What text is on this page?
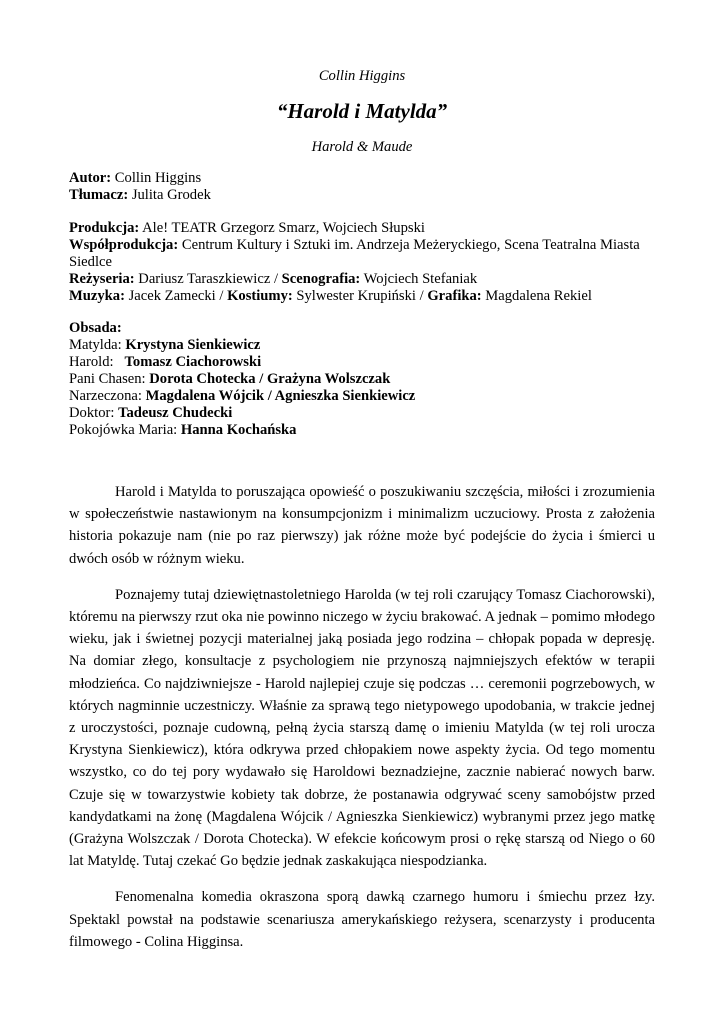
Collin Higgins
“Harold i Matylda”
Harold & Maude
Autor: Collin Higgins
Tłumacz: Julita Grodek
Produkcja: Ale! TEATR Grzegorz Smarz, Wojciech Słupski
Współprodukcja: Centrum Kultury i Sztuki im. Andrzeja Meżeryckiego, Scena Teatralna Miasta Siedlce
Reżyseria: Dariusz Taraszkiewicz / Scenografia: Wojciech Stefaniak
Muzyka: Jacek Zamecki / Kostiumy: Sylwester Krupiński / Grafika: Magdalena Rekiel
Obsada:
Matylda: Krystyna Sienkiewicz
Harold:   Tomasz Ciachorowski
Pani Chasen: Dorota Chotecka / Grażyna Wolszczak
Narzeczona: Magdalena Wójcik / Agnieszka Sienkiewicz
Doktor: Tadeusz Chudecki
Pokojówka Maria: Hanna Kochańska

Harold i Matylda to poruszająca opowieść o poszukiwaniu szczęścia, miłości i zrozumienia w społeczeństwie nastawionym na konsumpcjonizm i minimalizm uczuciowy. Prosta z założenia historia pokazuje nam (nie po raz pierwszy) jak różne może być podejście do życia i śmierci u dwóch osób w różnym wieku.

Poznajemy tutaj dziewiętnastoletniego Harolda (w tej roli czarujący Tomasz Ciachorowski), któremu na pierwszy rzut oka nie powinno niczego w życiu brakować. A jednak – pomimo młodego wieku, jak i świetnej pozycji materialnej jaką posiada jego rodzina – chłopak popada w depresję. Na domiar złego, konsultacje z psychologiem nie przynoszą najmniejszych efektów w terapii młodzieńca. Co najdziwniejsze - Harold najlepiej czuje się podczas … ceremonii pogrzebowych, w których nagminnie uczestniczy. Właśnie za sprawą tego nietypowego upodobania, w trakcie jednej z uroczystości, poznaje cudowną, pełną życia starszą damę o imieniu Matylda (w tej roli urocza Krystyna Sienkiewicz), która odkrywa przed chłopakiem nowe aspekty życia. Od tego momentu wszystko, co do tej pory wydawało się Haroldowi beznadziejne, zacznie nabierać nowych barw. Czuje się w towarzystwie kobiety tak dobrze, że postanawia odgrywać sceny samobójstw przed kandydatkami na żonę (Magdalena Wójcik / Agnieszka Sienkiewicz) wybranymi przez jego matkę (Grażyna Wolszczak / Dorota Chotecka). W efekcie końcowym prosi o rękę starszą od Niego o 60 lat Matyldę. Tutaj czekać Go będzie jednak zaskakująca niespodzianka.

Fenomenalna komedia okraszona sporą dawką czarnego humoru i śmiechu przez łzy. Spektakl powstał na podstawie scenariusza amerykańskiego reżysera, scenarzysty i producenta filmowego - Colina Higginsa.
